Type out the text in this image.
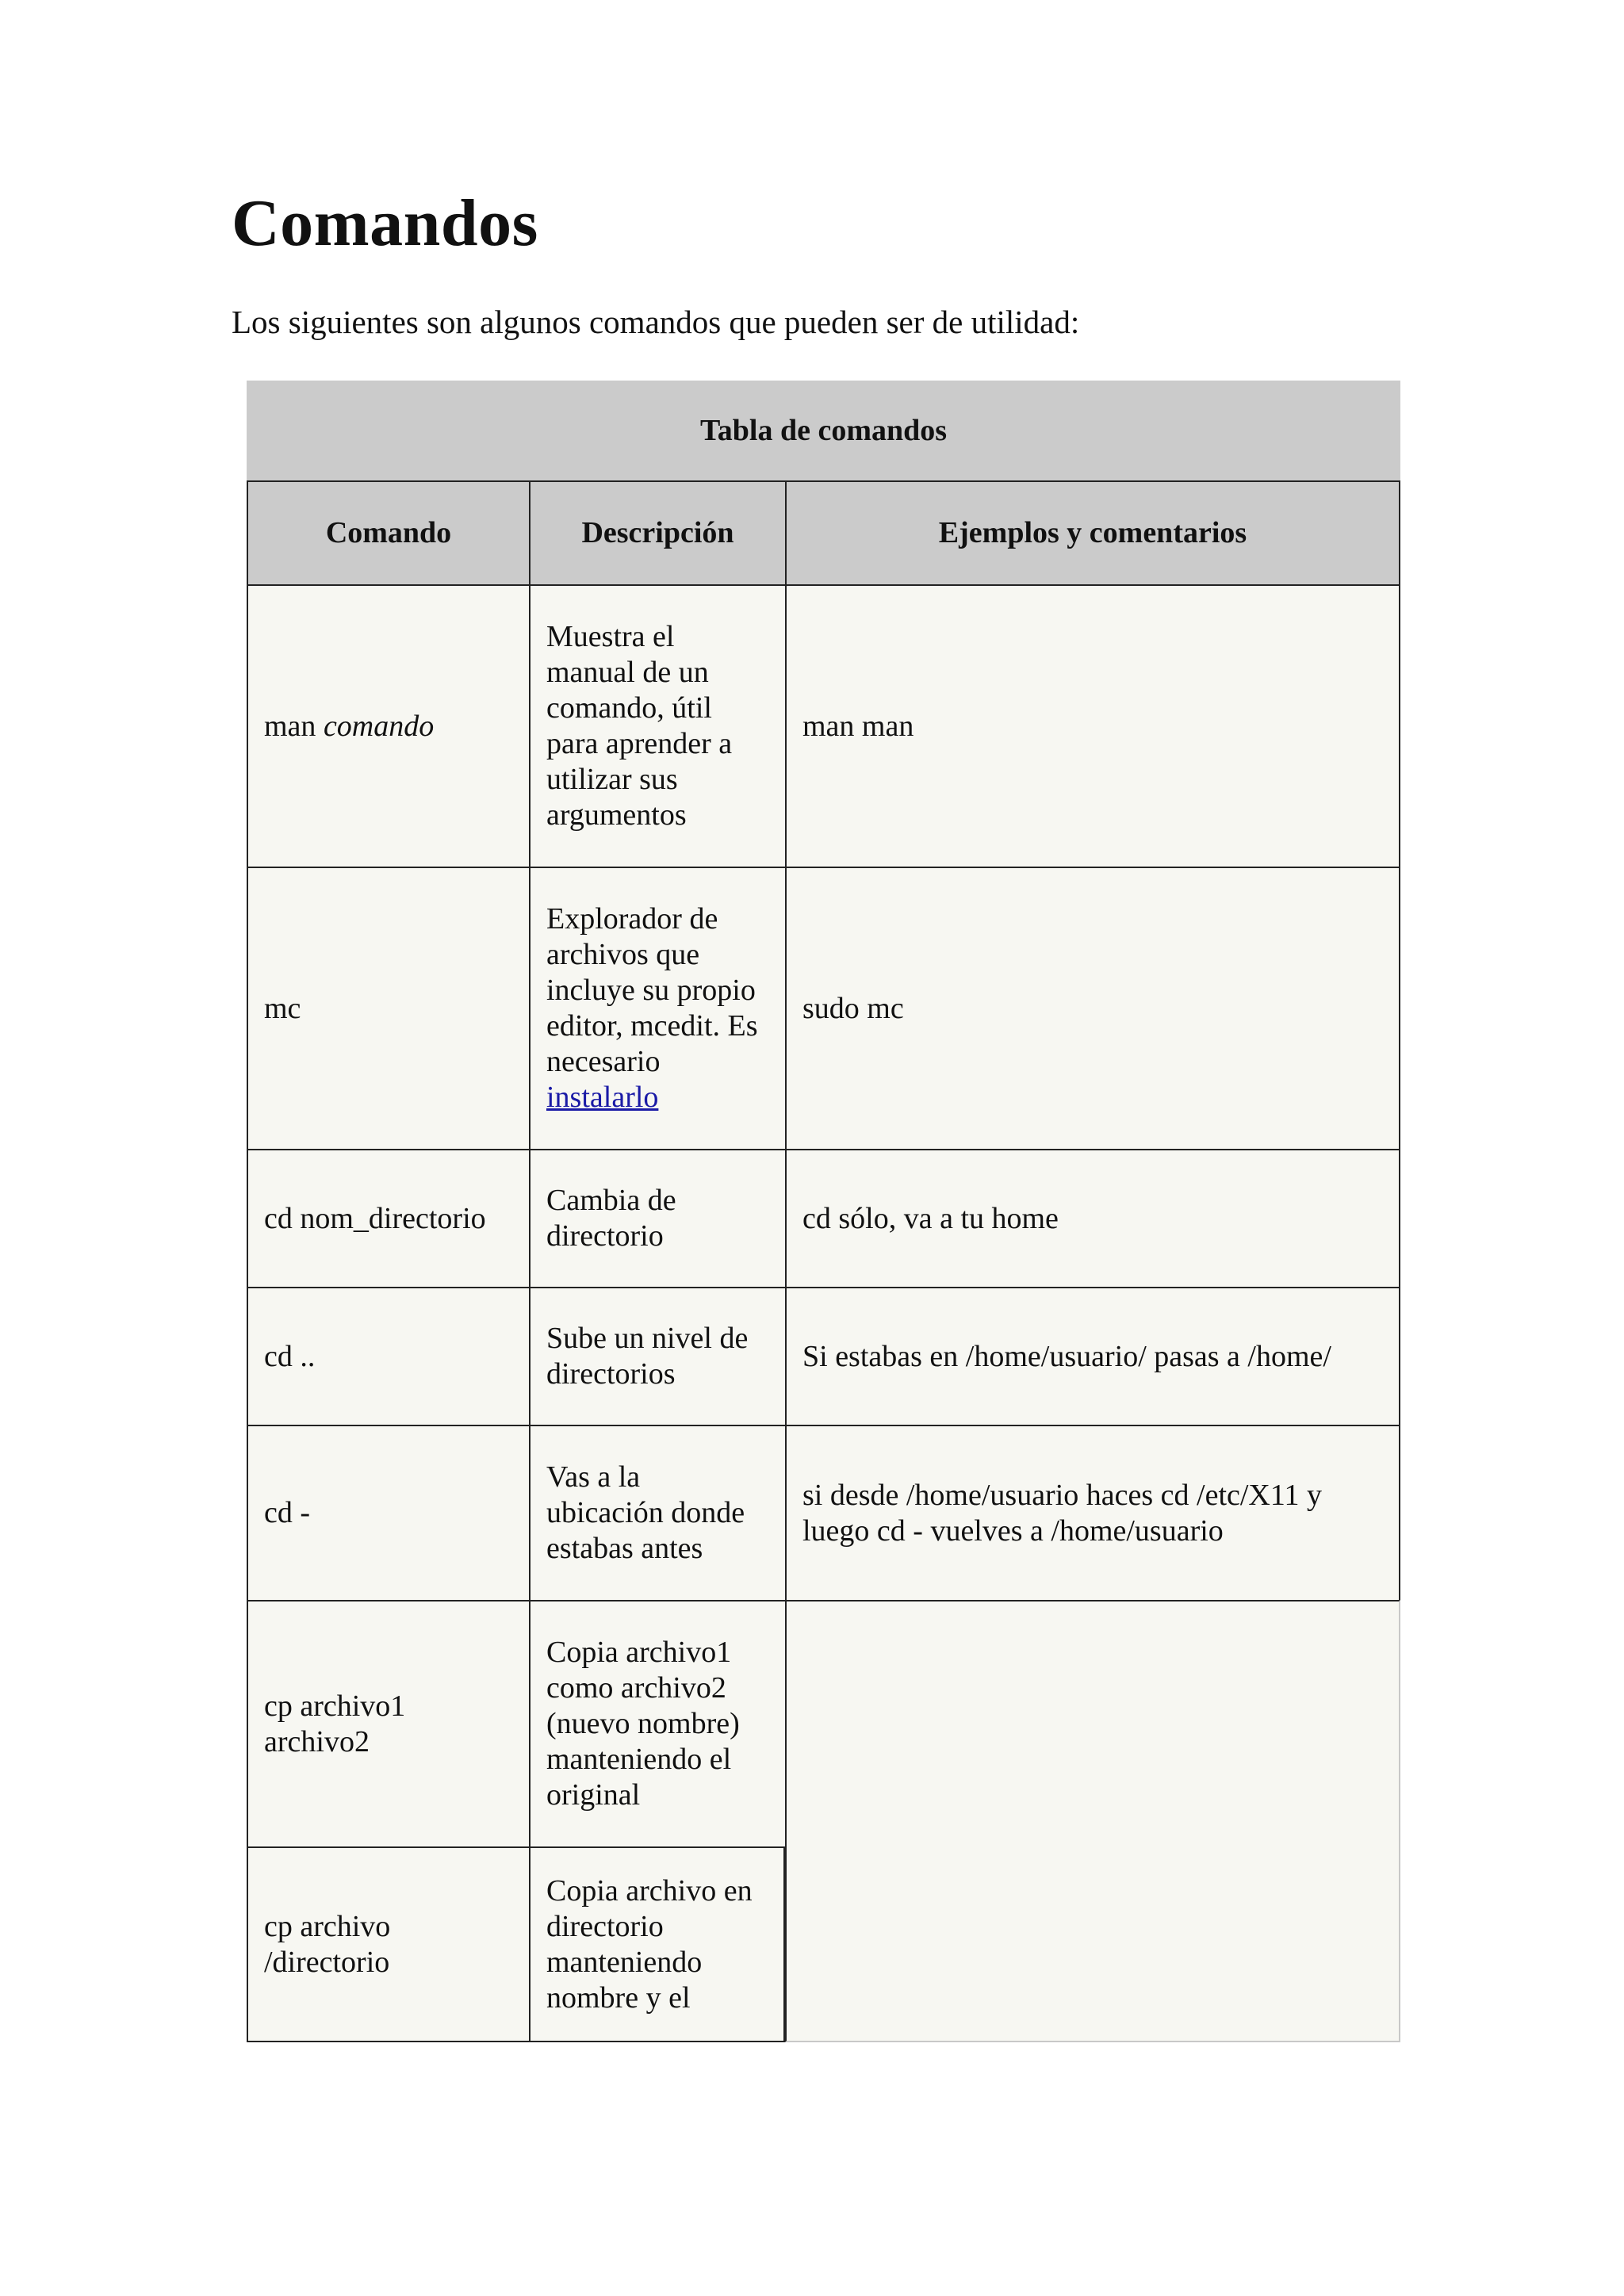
Comandos

Los siguientes son algunos comandos que pueden ser de utilidad:

Tabla de comandos
Comando	Descripción	Ejemplos y comentarios
man comando
Muestra el
manual de un
comando, útil
para aprender a
utilizar sus
argumentos
man man
mc
Explorador de
archivos que
incluye su propio
editor, mcedit. Es
necesario
instalarlo
sudo mc
cd nom_directorio
Cambia de
directorio
cd sólo, va a tu home
cd ..
Sube un nivel de
directorios
Si estabas en /home/usuario/ pasas a /home/
cd -
Vas a la
ubicación donde
estabas antes
si desde /home/usuario haces cd /etc/X11 y
luego cd - vuelves a /home/usuario
cp archivo1
archivo2
Copia archivo1
como archivo2
(nuevo nombre)
manteniendo el
original
cp archivo
/directorio
Copia archivo en
directorio
manteniendo
nombre y el
